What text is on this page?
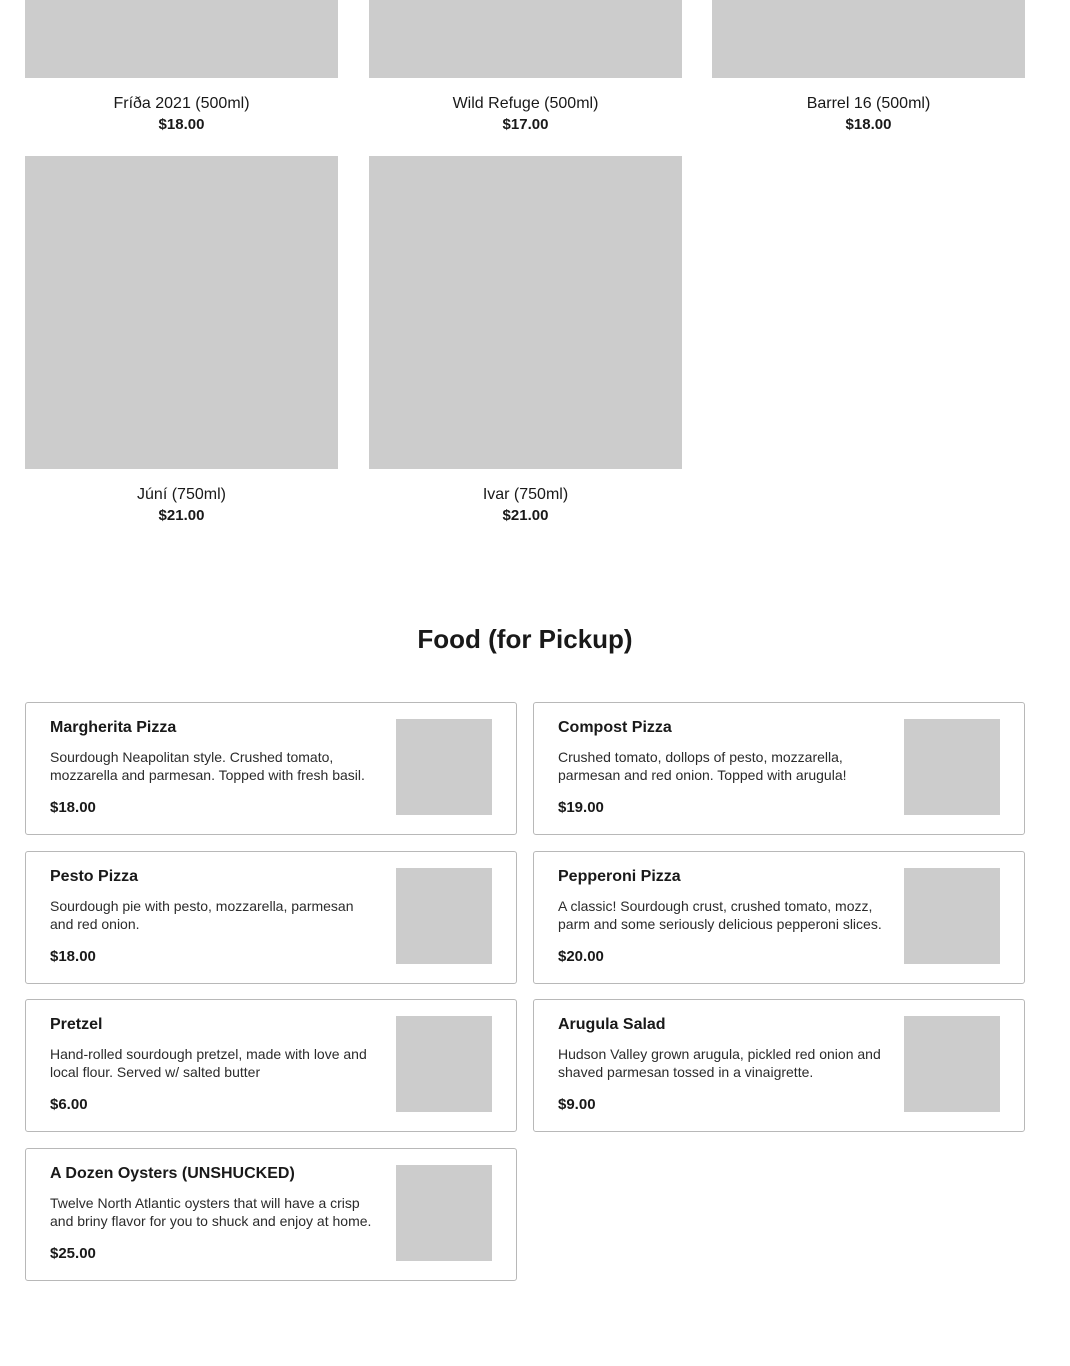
Fríða 2021 (500ml)
$18.00
Wild Refuge (500ml)
$17.00
Barrel 16 (500ml)
$18.00
Júní (750ml)
$21.00
Ivar (750ml)
$21.00
Food (for Pickup)
Margherita Pizza
Sourdough Neapolitan style. Crushed tomato, mozzarella and parmesan. Topped with fresh basil.
$18.00
Compost Pizza
Crushed tomato, dollops of pesto, mozzarella, parmesan and red onion. Topped with arugula!
$19.00
Pesto Pizza
Sourdough pie with pesto, mozzarella, parmesan and red onion.
$18.00
Pepperoni Pizza
A classic! Sourdough crust, crushed tomato, mozz, parm and some seriously delicious pepperoni slices.
$20.00
Pretzel
Hand-rolled sourdough pretzel, made with love and local flour. Served w/ salted butter
$6.00
Arugula Salad
Hudson Valley grown arugula, pickled red onion and shaved parmesan tossed in a vinaigrette.
$9.00
A Dozen Oysters (UNSHUCKED)
Twelve North Atlantic oysters that will have a crisp and briny flavor for you to shuck and enjoy at home.
$25.00
